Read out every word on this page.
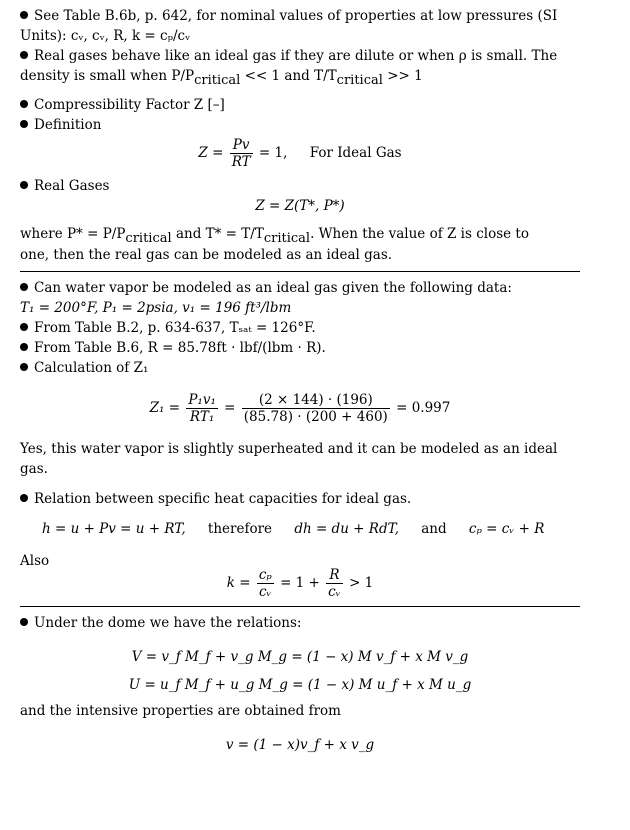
See Table B.6b, p. 642, for nominal values of properties at low pressures (SI
Units): cᵥ, cᵥ, R, k = cₚ/cᵥ
Real gases behave like an ideal gas if they are dilute or when ρ is small. The
density is small when P/Pcritical << 1 and T/Tcritical >> 1
Compressibility Factor Z [–]
Definition
$Z = \frac{Pv}{RT} = 1$, For Ideal Gas
Real Gases
Z = Z(T*, P*)
where P* = P/Pcritical and T* = T/Tcritical. When the value of Z is close to
one, then the real gas can be modeled as an ideal gas.
Can water vapor be modeled as an ideal gas given the following data:
T₁ = 200°F, P₁ = 2psia, v₁ = 196 ft³/lbm
From Table B.2, p. 634-637, Tₛₐₜ = 126°F.
From Table B.6, R = 85.78ft · lbf/(lbm · R).
Calculation of Z₁
$Z_1 = \frac{\text{P₁v₁}}{\text{RT₁}} = \frac{(2 \times 144) \cdot (196)}{(85.78) \cdot (200 + 460)} = 0.997$
Yes, this water vapor is slightly superheated and it can be modeled as an ideal
gas.
Relation between specific heat capacities for ideal gas.
h = u + Pv = u + RT, therefore dh = du + RdT, and cₚ = cᵥ + R
Also
$k = \frac{\text{cₚ}}{\text{cᵥ}} = 1 + \frac{R}{\text{cᵥ}} > 1$
Under the dome we have the relations:
V = v_f M_f + v_g M_g = (1 − x) M v_f + x M v_g
U = u_f M_f + u_g M_g = (1 − x) M u_f + x M u_g
and the intensive properties are obtained from
v = (1 − x)v_f + x v_g
